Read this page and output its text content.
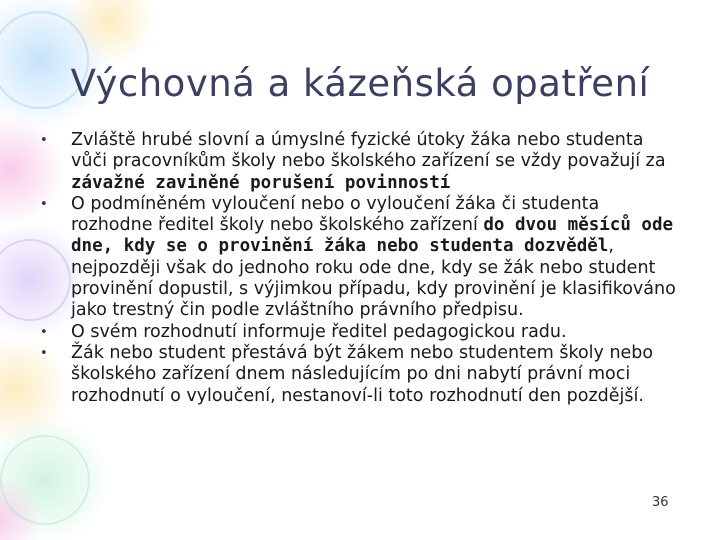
Výchovná a kázeňská opatření
•	Zvláště hrubé slovní a úmyslné fyzické útoky žáka nebo studenta vůči pracovníkům školy nebo školského zařízení se vždy považují za závažné zaviněné porušení povinností
•	O podmíněném vyloučení nebo o vyloučení žáka či studenta rozhodne ředitel školy nebo školského zařízení do dvou měsíců ode dne, kdy se o provinění žáka nebo studenta dozvěděl, nejpozději však do jednoho roku ode dne, kdy se žák nebo student provinění dopustil, s výjimkou případu, kdy provinění je klasifikováno jako trestný čin podle zvláštního právního předpisu.
•	O svém rozhodnutí informuje ředitel pedagogickou radu.
•	Žák nebo student přestává být žákem nebo studentem školy nebo školského zařízení dnem následujícím po dni nabytí právní moci rozhodnutí o vyloučení, nestanoví-li toto rozhodnutí den pozdější.
36
